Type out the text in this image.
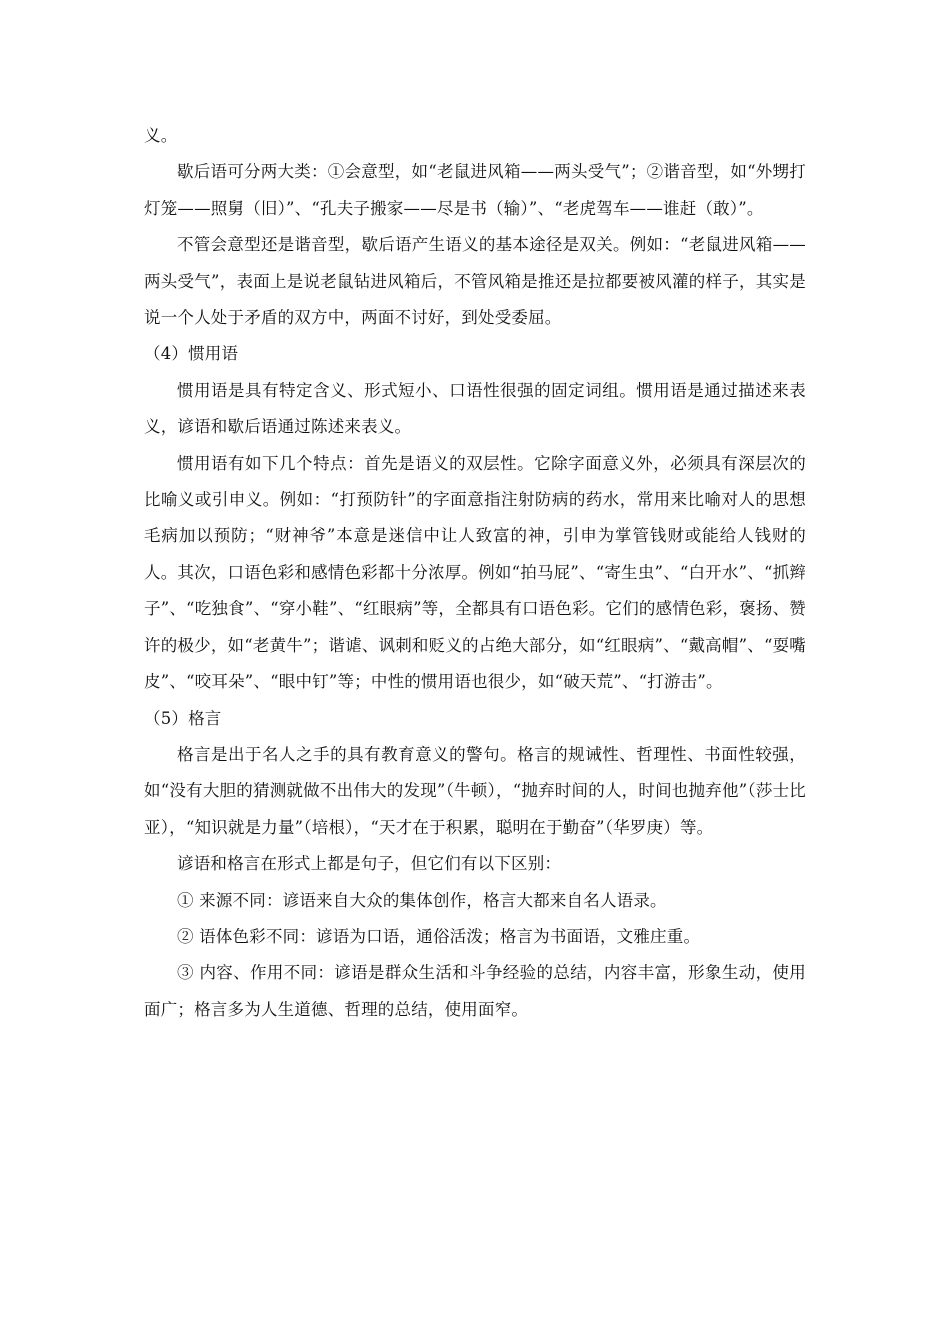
义。

歇后语可分两大类：①会意型，如“老鼠进风箱——两头受气”；②谐音型，如“外甥打灯笼——照舅（旧）”、“孔夫子搬家——尽是书（输）”、“老虎驾车——谁赶（敢）”。

不管会意型还是谐音型，歇后语产生语义的基本途径是双关。例如：“老鼠进风箱——两头受气”，表面上是说老鼠钻进风箱后，不管风箱是推还是拉都要被风灌的样子，其实是说一个人处于矛盾的双方中，两面不讨好，到处受委屈。

（4）惯用语

惯用语是具有特定含义、形式短小、口语性很强的固定词组。惯用语是通过描述来表义，谚语和歇后语通过陈述来表义。

惯用语有如下几个特点：首先是语义的双层性。它除字面意义外，必须具有深层次的比喻义或引申义。例如：“打预防针”的字面意指注射防病的药水，常用来比喻对人的思想毛病加以预防；“财神爷”本意是迷信中让人致富的神，引申为掌管钱财或能给人钱财的人。其次，口语色彩和感情色彩都十分浓厚。例如“拍马屁”、“寄生虫”、“白开水”、“抓辫子”、“吃独食”、“穿小鞋”、“红眼病”等，全都具有口语色彩。它们的感情色彩，褒扬、赞许的极少，如“老黄牛”；谐谑、讽刺和贬义的占绝大部分，如“红眼病”、“戴高帽”、“耍嘴皮”、“咬耳朵”、“眼中钉”等；中性的惯用语也很少，如“破天荒”、“打游击”。

（5）格言

格言是出于名人之手的具有教育意义的警句。格言的规诫性、哲理性、书面性较强，如“没有大胆的猜测就做不出伟大的发现”（牛顿），“抛弃时间的人，时间也抛弃他”（莎士比亚），“知识就是力量”（培根），“天才在于积累，聪明在于勤奋”（华罗庚）等。

谚语和格言在形式上都是句子，但它们有以下区别：

① 来源不同：谚语来自大众的集体创作，格言大都来自名人语录。

② 语体色彩不同：谚语为口语，通俗活泼；格言为书面语，文雅庄重。

③ 内容、作用不同：谚语是群众生活和斗争经验的总结，内容丰富，形象生动，使用面广；格言多为人生道德、哲理的总结，使用面窄。
